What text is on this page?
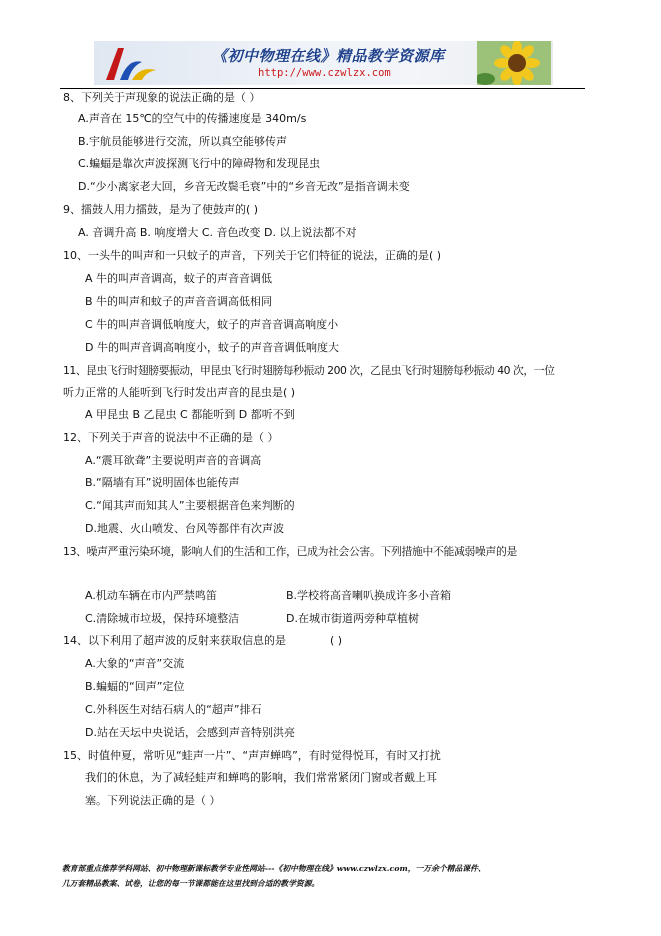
《初中物理在线》精品教学资源库
http://www.czwlzx.com
8、下列关于声现象的说法正确的是（ ）
A.声音在 15℃的空气中的传播速度是 340m/s
B.宇航员能够进行交流，所以真空能够传声
C.蝙蝠是靠次声波探测飞行中的障碍物和发现昆虫
D.“少小离家老大回，乡音无改鬓毛衰”中的“乡音无改”是指音调未变
9、擂鼓人用力擂鼓，是为了使鼓声的( )
A. 音调升高 B. 响度增大 C. 音色改变 D. 以上说法都不对
10、一头牛的叫声和一只蚊子的声音，下列关于它们特征的说法，正确的是( )
A 牛的叫声音调高，蚊子的声音音调低
B 牛的叫声和蚊子的声音音调高低相同
C 牛的叫声音调低响度大，蚊子的声音音调高响度小
D 牛的叫声音调高响度小，蚊子的声音音调低响度大
11、昆虫飞行时翅膀要振动，甲昆虫飞行时翅膀每秒振动 200 次，乙昆虫飞行时翅膀每秒振动 40 次，一位
听力正常的人能听到飞行时发出声音的昆虫是( )
A 甲昆虫 B 乙昆虫 C 都能听到 D 都听不到
12、下列关于声音的说法中不正确的是（ ）
A.“震耳欲聋”主要说明声音的音调高
B.“隔墙有耳”说明固体也能传声
C.“闻其声而知其人”主要根据音色来判断的
D.地震、火山喷发、台风等都伴有次声波
13、噪声严重污染环境，影响人们的生活和工作，已成为社会公害。下列措施中不能减弱噪声的是
A.机动车辆在市内严禁鸣笛	B.学校将高音喇叭换成许多小音箱
C.清除城市垃圾，保持环境整洁	D.在城市街道两旁种草植树
14、以下利用了超声波的反射来获取信息的是	( )
A.大象的“声音”交流
B.蝙蝠的“回声”定位
C.外科医生对结石病人的“超声”排石
D.站在天坛中央说话，会感到声音特别洪亮
15、时值仲夏，常听见“蛙声一片”、“声声蝉鸣”，有时觉得悦耳，有时又打扰
我们的休息，为了减轻蛙声和蝉鸣的影响，我们常常紧闭门窗或者戴上耳
塞。下列说法正确的是（ ）
教育部重点推荐学科网站、初中物理新课标教学专业性网站---《初中物理在线》www.czwlzx.com，一万余个精品课件、
几万套精品教案、试卷，让您的每一节课都能在这里找到合适的教学资源。
